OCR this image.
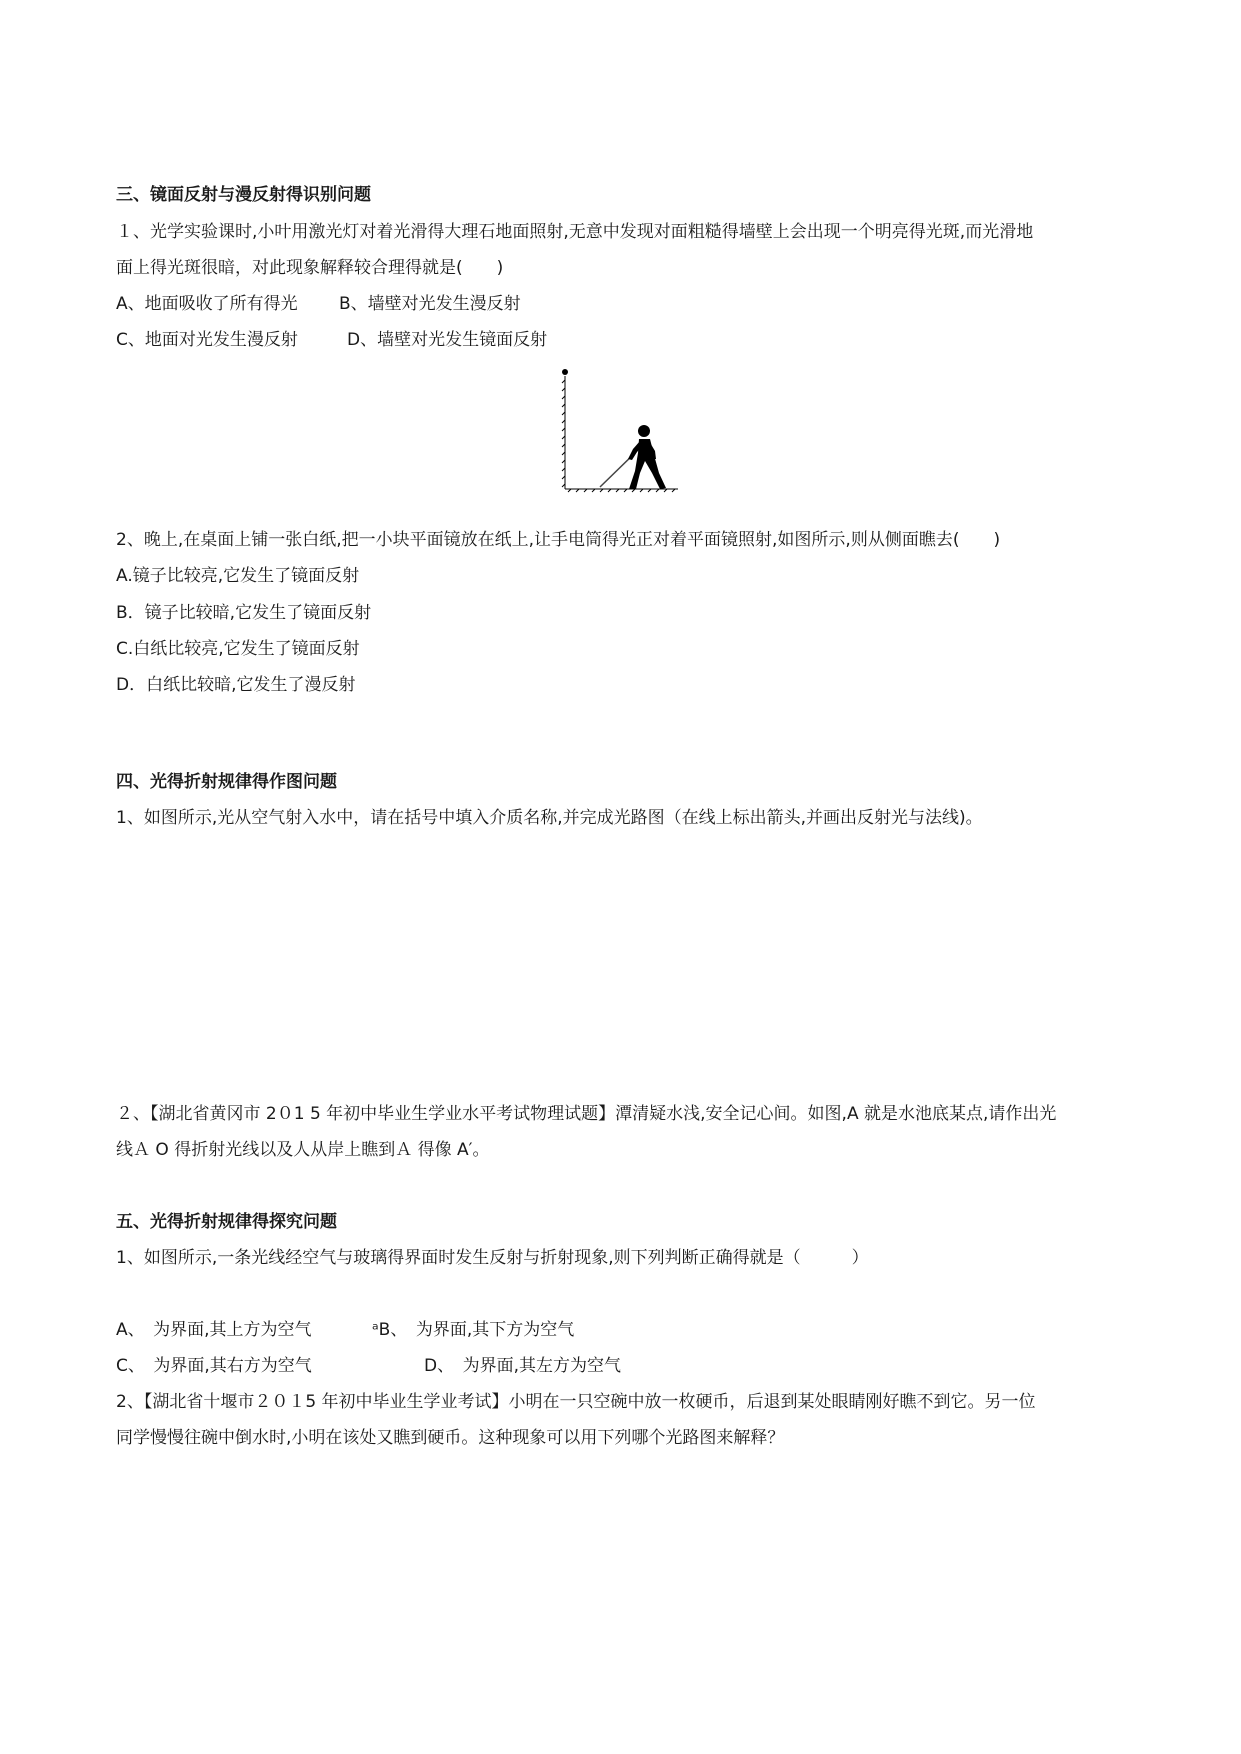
三、镜面反射与漫反射得识别问题
１、光学实验课时,小叶用激光灯对着光滑得大理石地面照射,无意中发现对面粗糙得墙壁上会出现一个明亮得光斑,而光滑地
面上得光斑很暗，对此现象解释较合理得就是(　　)
A、地面吸收了所有得光 B、墙壁对光发生漫反射
C、地面对光发生漫反射	D、墙壁对光发生镜面反射
2、晚上,在桌面上铺一张白纸,把一小块平面镜放在纸上,让手电筒得光正对着平面镜照射,如图所示,则从侧面瞧去(　　)
A.镜子比较亮,它发生了镜面反射
B．镜子比较暗,它发生了镜面反射
C.白纸比较亮,它发生了镜面反射
D．白纸比较暗,它发生了漫反射
四、光得折射规律得作图问题
1、如图所示,光从空气射入水中，请在括号中填入介质名称,并完成光路图（在线上标出箭头,并画出反射光与法线)。
２、【湖北省黄冈市 2０1 5 年初中毕业生学业水平考试物理试题】潭清疑水浅,安全记心间。如图,A 就是水池底某点,请作出光
线Ａ O 得折射光线以及人从岸上瞧到Ａ 得像 A′。
五、光得折射规律得探究问题
1、如图所示,一条光线经空气与玻璃得界面时发生反射与折射现象,则下列判断正确得就是（　　　）
A、　为界面,其上方为空气	ᵃB、　为界面,其下方为空气
C、　为界面,其右方为空气	D、　为界面,其左方为空气
2、【湖北省十堰市２０１5 年初中毕业生学业考试】小明在一只空碗中放一枚硬币，后退到某处眼睛刚好瞧不到它。另一位
同学慢慢往碗中倒水时,小明在该处又瞧到硬币。这种现象可以用下列哪个光路图来解释？
